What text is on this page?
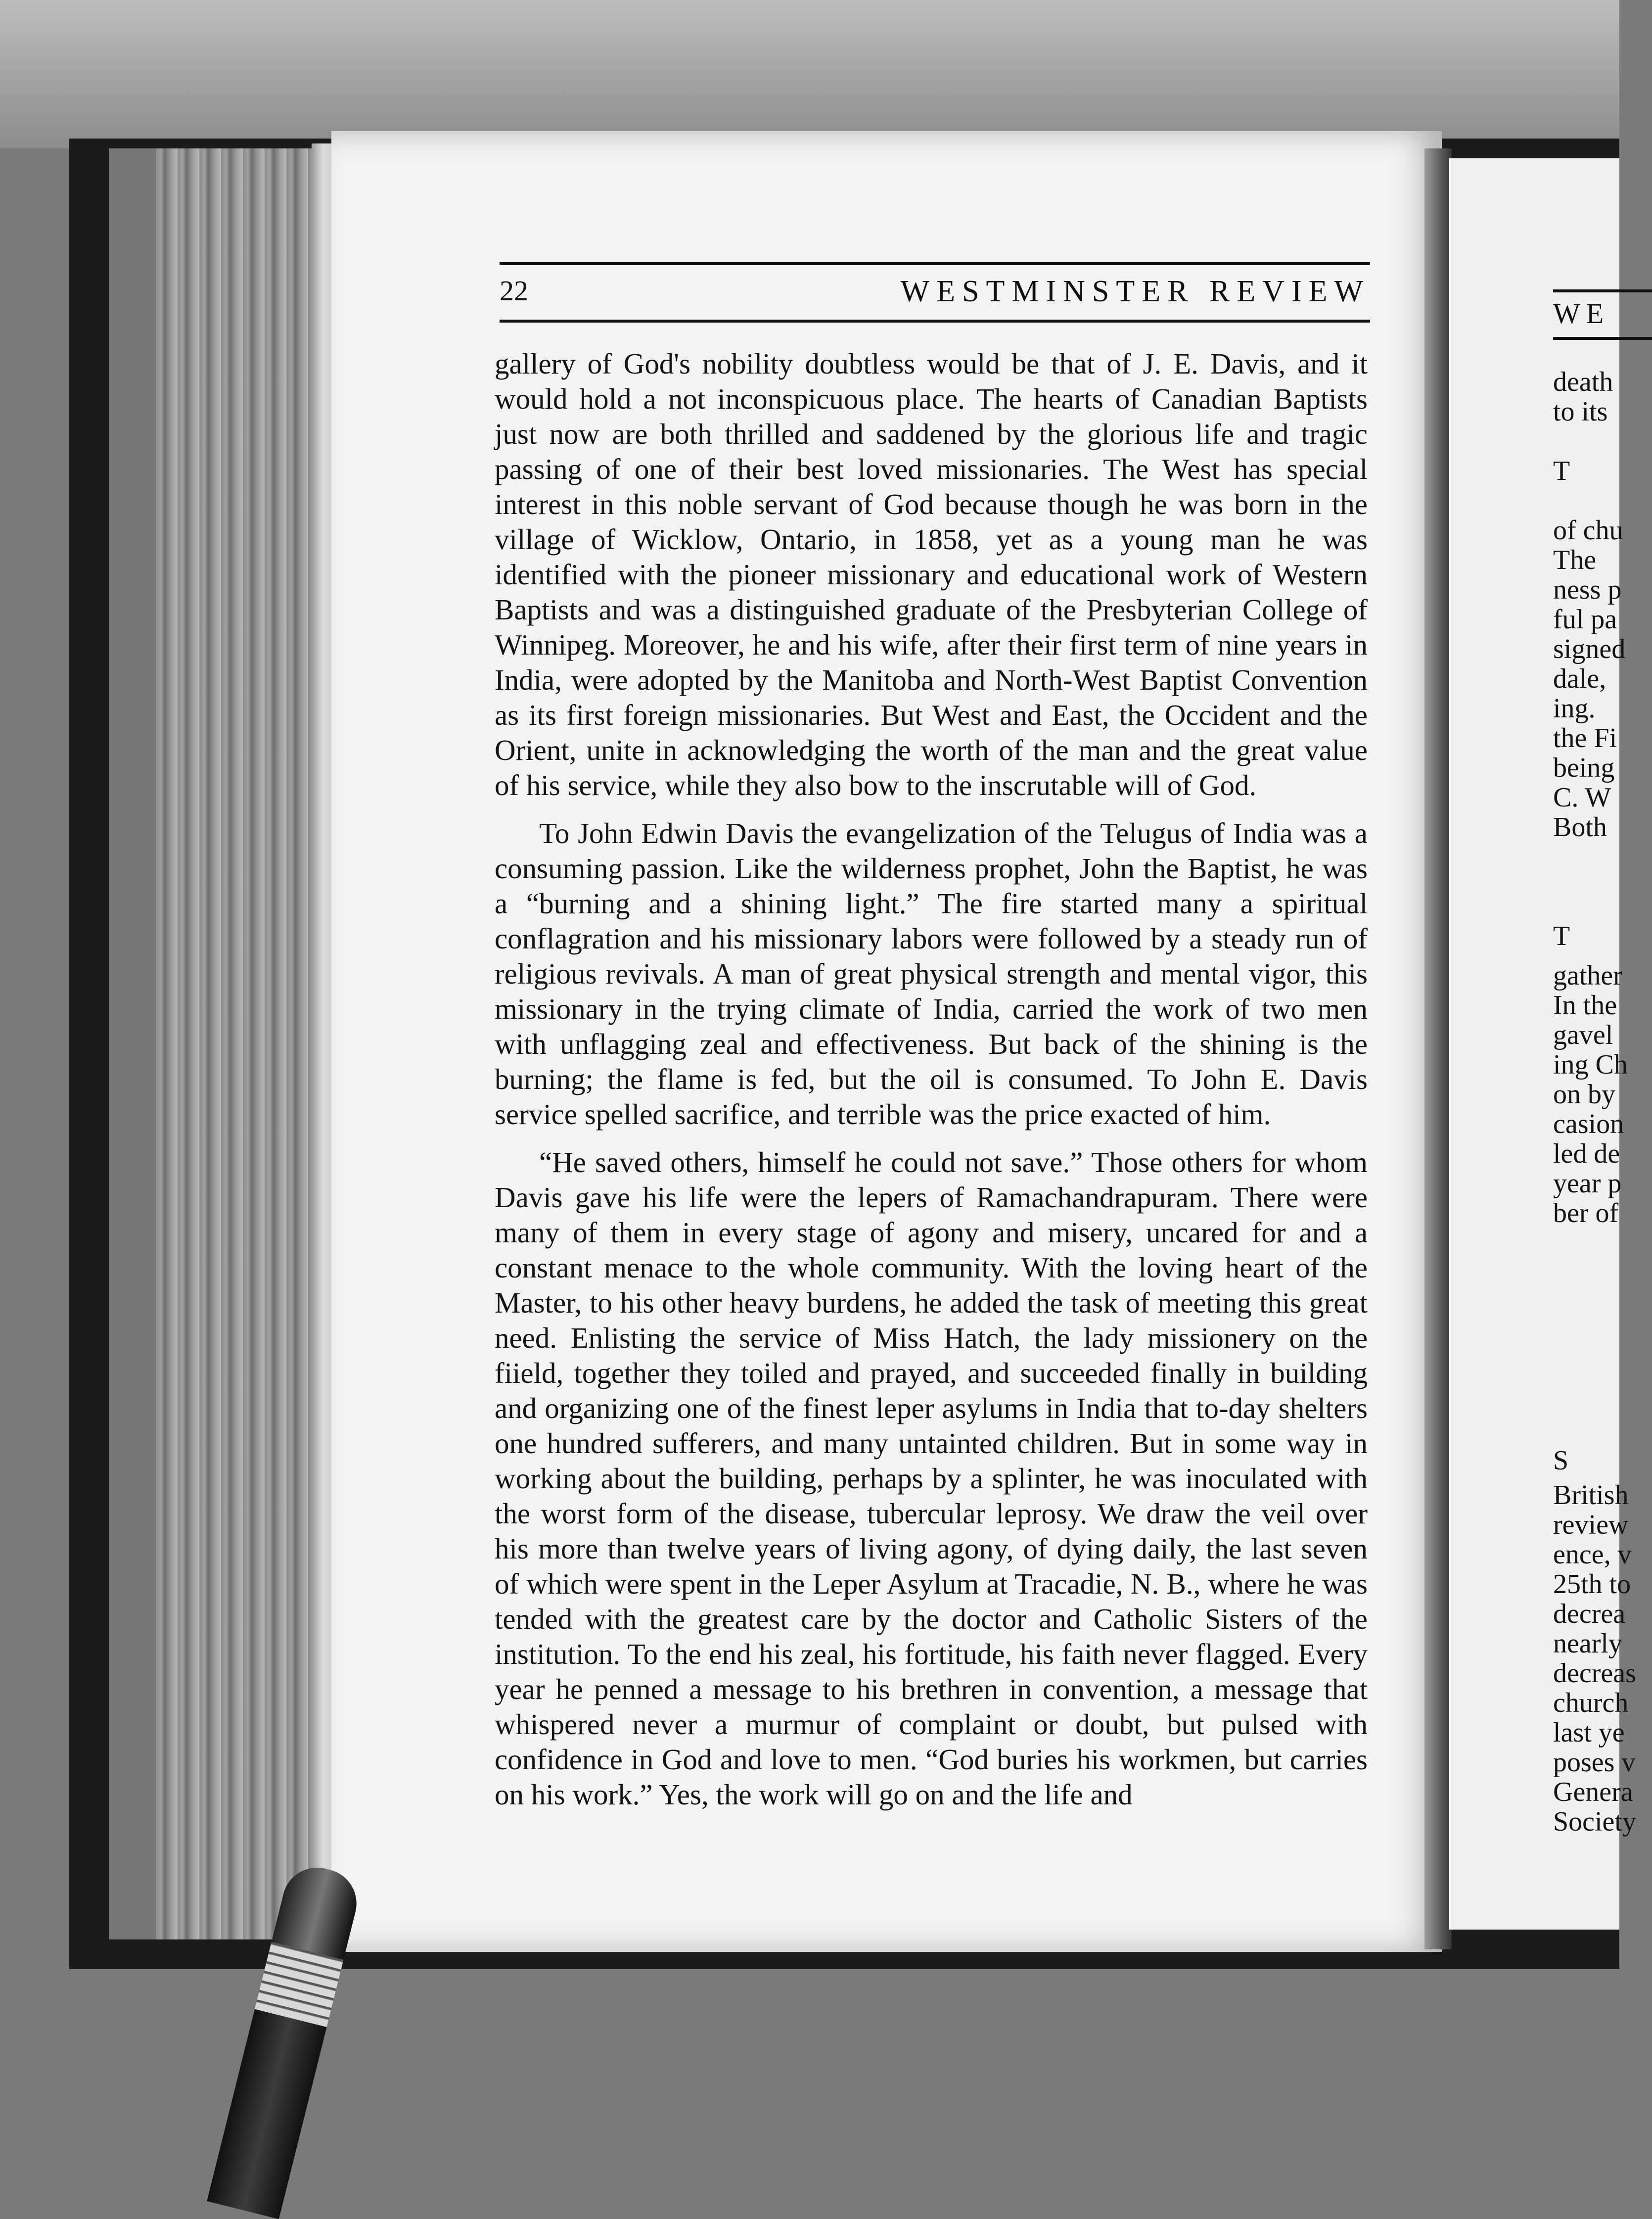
22	WESTMINSTER REVIEW

gallery of God's nobility doubtless would be that of J. E. Davis, and it would hold a not inconspicuous place. The hearts of Canadian Baptists just now are both thrilled and saddened by the glorious life and tragic passing of one of their best loved missionaries. The West has special interest in this noble servant of God because though he was born in the village of Wicklow, Ontario, in 1858, yet as a young man he was identified with the pioneer missionary and educational work of Western Baptists and was a distinguished graduate of the Presbyterian College of Winnipeg. Moreover, he and his wife, after their first term of nine years in India, were adopted by the Manitoba and North-West Baptist Convention as its first foreign missionaries. But West and East, the Occident and the Orient, unite in acknowledging the worth of the man and the great value of his service, while they also bow to the inscrutable will of God.

To John Edwin Davis the evangelization of the Telugus of India was a consuming passion. Like the wilderness prophet, John the Baptist, he was a “burning and a shining light.” The fire started many a spiritual conflagration and his missionary labors were followed by a steady run of religious revivals. A man of great physical strength and mental vigor, this missionary in the trying climate of India, carried the work of two men with unflagging zeal and effectiveness. But back of the shining is the burning; the flame is fed, but the oil is consumed. To John E. Davis service spelled sacrifice, and terrible was the price exacted of him.

“He saved others, himself he could not save.” Those others for whom Davis gave his life were the lepers of Ramachandrapuram. There were many of them in every stage of agony and misery, uncared for and a constant menace to the whole community. With the loving heart of the Master, to his other heavy burdens, he added the task of meeting this great need. Enlisting the service of Miss Hatch, the lady missionery on the fiield, together they toiled and prayed, and succeeded finally in building and organizing one of the finest leper asylums in India that to-day shelters one hundred sufferers, and many untainted children. But in some way in working about the building, perhaps by a splinter, he was inoculated with the worst form of the disease, tubercular leprosy. We draw the veil over his more than twelve years of living agony, of dying daily, the last seven of which were spent in the Leper Asylum at Tracadie, N. B., where he was tended with the greatest care by the doctor and Catholic Sisters of the institution. To the end his zeal, his fortitude, his faith never flagged. Every year he penned a message to his brethren in convention, a message that whispered never a murmur of complaint or doubt, but pulsed with confidence in God and love to men. “God buries his workmen, but carries on his work.” Yes, the work will go on and the life and

WE
death
to its
T
of chu
The
ness p
ful pa
signed
dale,
ing.
the Fi
being
C. W
Both
T
gather
In the
gavel
ing Ch
on by
casion
led de
year p
ber of
S
British
review
ence, v
25th to
decrea
nearly
decreas
church
last ye
poses v
Genera
Society
